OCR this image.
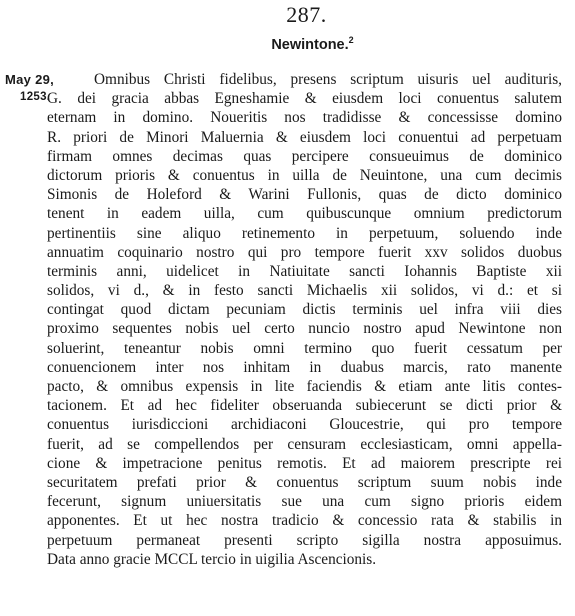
287.
Newintone.$^2$
May 29,
1253.
Omnibus Christi fidelibus, presens scriptum uisuris uel audituris,
G. dei gracia abbas Egneshamie & eiusdem loci conuentus salutem
eternam in domino. Noueritis nos tradidisse & concessisse domino
R. priori de Minori Maluernia & eiusdem loci conuentui ad perpetuam
firmam omnes decimas quas percipere consueuimus de dominico
dictorum prioris & conuentus in uilla de Neuintone, una cum decimis
Simonis de Holeford & Warini Fullonis, quas de dicto dominico
tenent in eadem uilla, cum quibuscunque omnium predictorum
pertinentiis sine aliquo retinemento in perpetuum, soluendo inde
annuatim coquinario nostro qui pro tempore fuerit xxv solidos duobus
terminis anni, uidelicet in Natiuitate sancti Iohannis Baptiste xii
solidos, vi d., & in festo sancti Michaelis xii solidos, vi d.: et si
contingat quod dictam pecuniam dictis terminis uel infra viii dies
proximo sequentes nobis uel certo nuncio nostro apud Newintone non
soluerint, teneantur nobis omni termino quo fuerit cessatum per
conuencionem inter nos inhitam in duabus marcis, rato manente
pacto, & omnibus expensis in lite faciendis & etiam ante litis contes-
tacionem. Et ad hec fideliter obseruanda subiecerunt se dicti prior &
conuentus iurisdiccioni archidiaconi Gloucestrie, qui pro tempore
fuerit, ad se compellendos per censuram ecclesiasticam, omni appella-
cione & impetracione penitus remotis. Et ad maiorem prescripte rei
securitatem prefati prior & conuentus scriptum suum nobis inde
fecerunt, signum uniuersitatis sue una cum signo prioris eidem
apponentes. Et ut hec nostra tradicio & concessio rata & stabilis in
perpetuum permaneat presenti scripto sigilla nostra apposuimus.
Data anno gracie MCCL tercio in uigilia Ascencionis.
